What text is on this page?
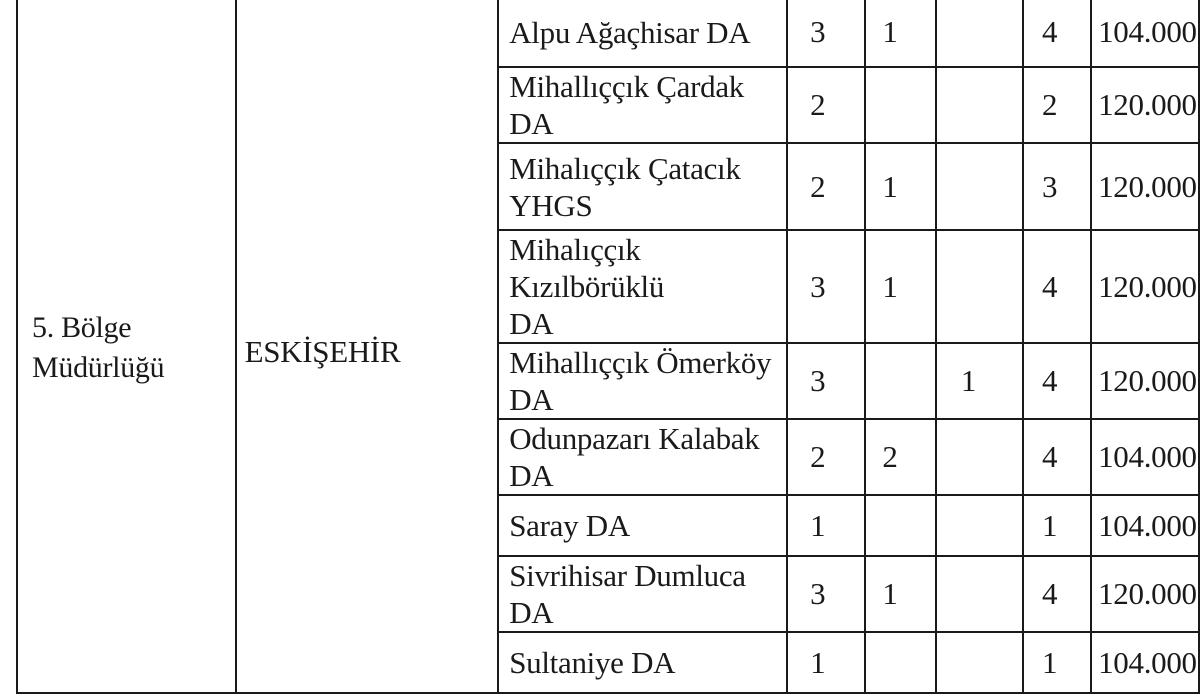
5. Bölge
Müdürlüğü	ESKİŞEHİR	Alpu Ağaçhisar DA	3	1		4	104.000
		Mihallıççık Çardak DA	2			2	120.000
		Mihalıççık Çatacık
YHGS	2	1		3	120.000
		Mihalıççık Kızılbörüklü
DA	3	1		4	120.000
		Mihallıççık Ömerköy DA	3		1	4	120.000
		Odunpazarı Kalabak DA	2	2		4	104.000
		Saray DA	1			1	104.000
		Sivrihisar Dumluca DA	3	1		4	120.000
		Sultaniye DA	1			1	104.000
